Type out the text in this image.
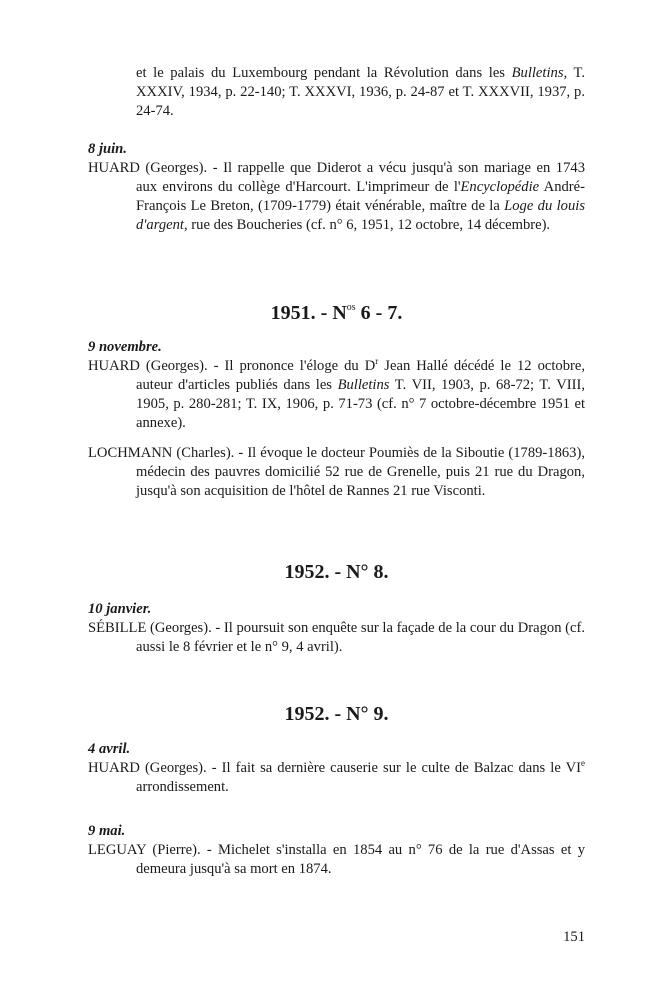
et le palais du Luxembourg pendant la Révolution dans les Bulletins, T. XXXIV, 1934, p. 22-140; T. XXXVI, 1936, p. 24-87 et T. XXXVII, 1937, p. 24-74.

8 juin.

HUARD (Georges). - Il rappelle que Diderot a vécu jusqu'à son mariage en 1743 aux environs du collège d'Harcourt. L'imprimeur de l'Encyclopédie André-François Le Breton, (1709-1779) était vénérable, maître de la Loge du louis d'argent, rue des Boucheries (cf. n° 6, 1951, 12 octobre, 14 décembre).

1951. - $N^{os}$ 6 - 7.

9 novembre.

HUARD (Georges). - Il prononce l'éloge du $D^r$ Jean Hallé décédé le 12 octobre, auteur d'articles publiés dans les Bulletins T. VII, 1903, p. 68-72; T. VIII, 1905, p. 280-281; T. IX, 1906, p. 71-73 (cf. n° 7 octobre-décembre 1951 et annexe).

LOCHMANN (Charles). - Il évoque le docteur Poumiès de la Siboutie (1789-1863), médecin des pauvres domicilié 52 rue de Grenelle, puis 21 rue du Dragon, jusqu'à son acquisition de l'hôtel de Rannes 21 rue Visconti.

1952. - N° 8.

10 janvier.

SÉBILLE (Georges). - Il poursuit son enquête sur la façade de la cour du Dragon (cf. aussi le 8 février et le n° 9, 4 avril).

1952. - N° 9.

4 avril.

HUARD (Georges). - Il fait sa dernière causerie sur le culte de Balzac dans le VIe arrondissement.

9 mai.

LEGUAY (Pierre). - Michelet s'installa en 1854 au n° 76 de la rue d'Assas et y demeura jusqu'à sa mort en 1874.

151
